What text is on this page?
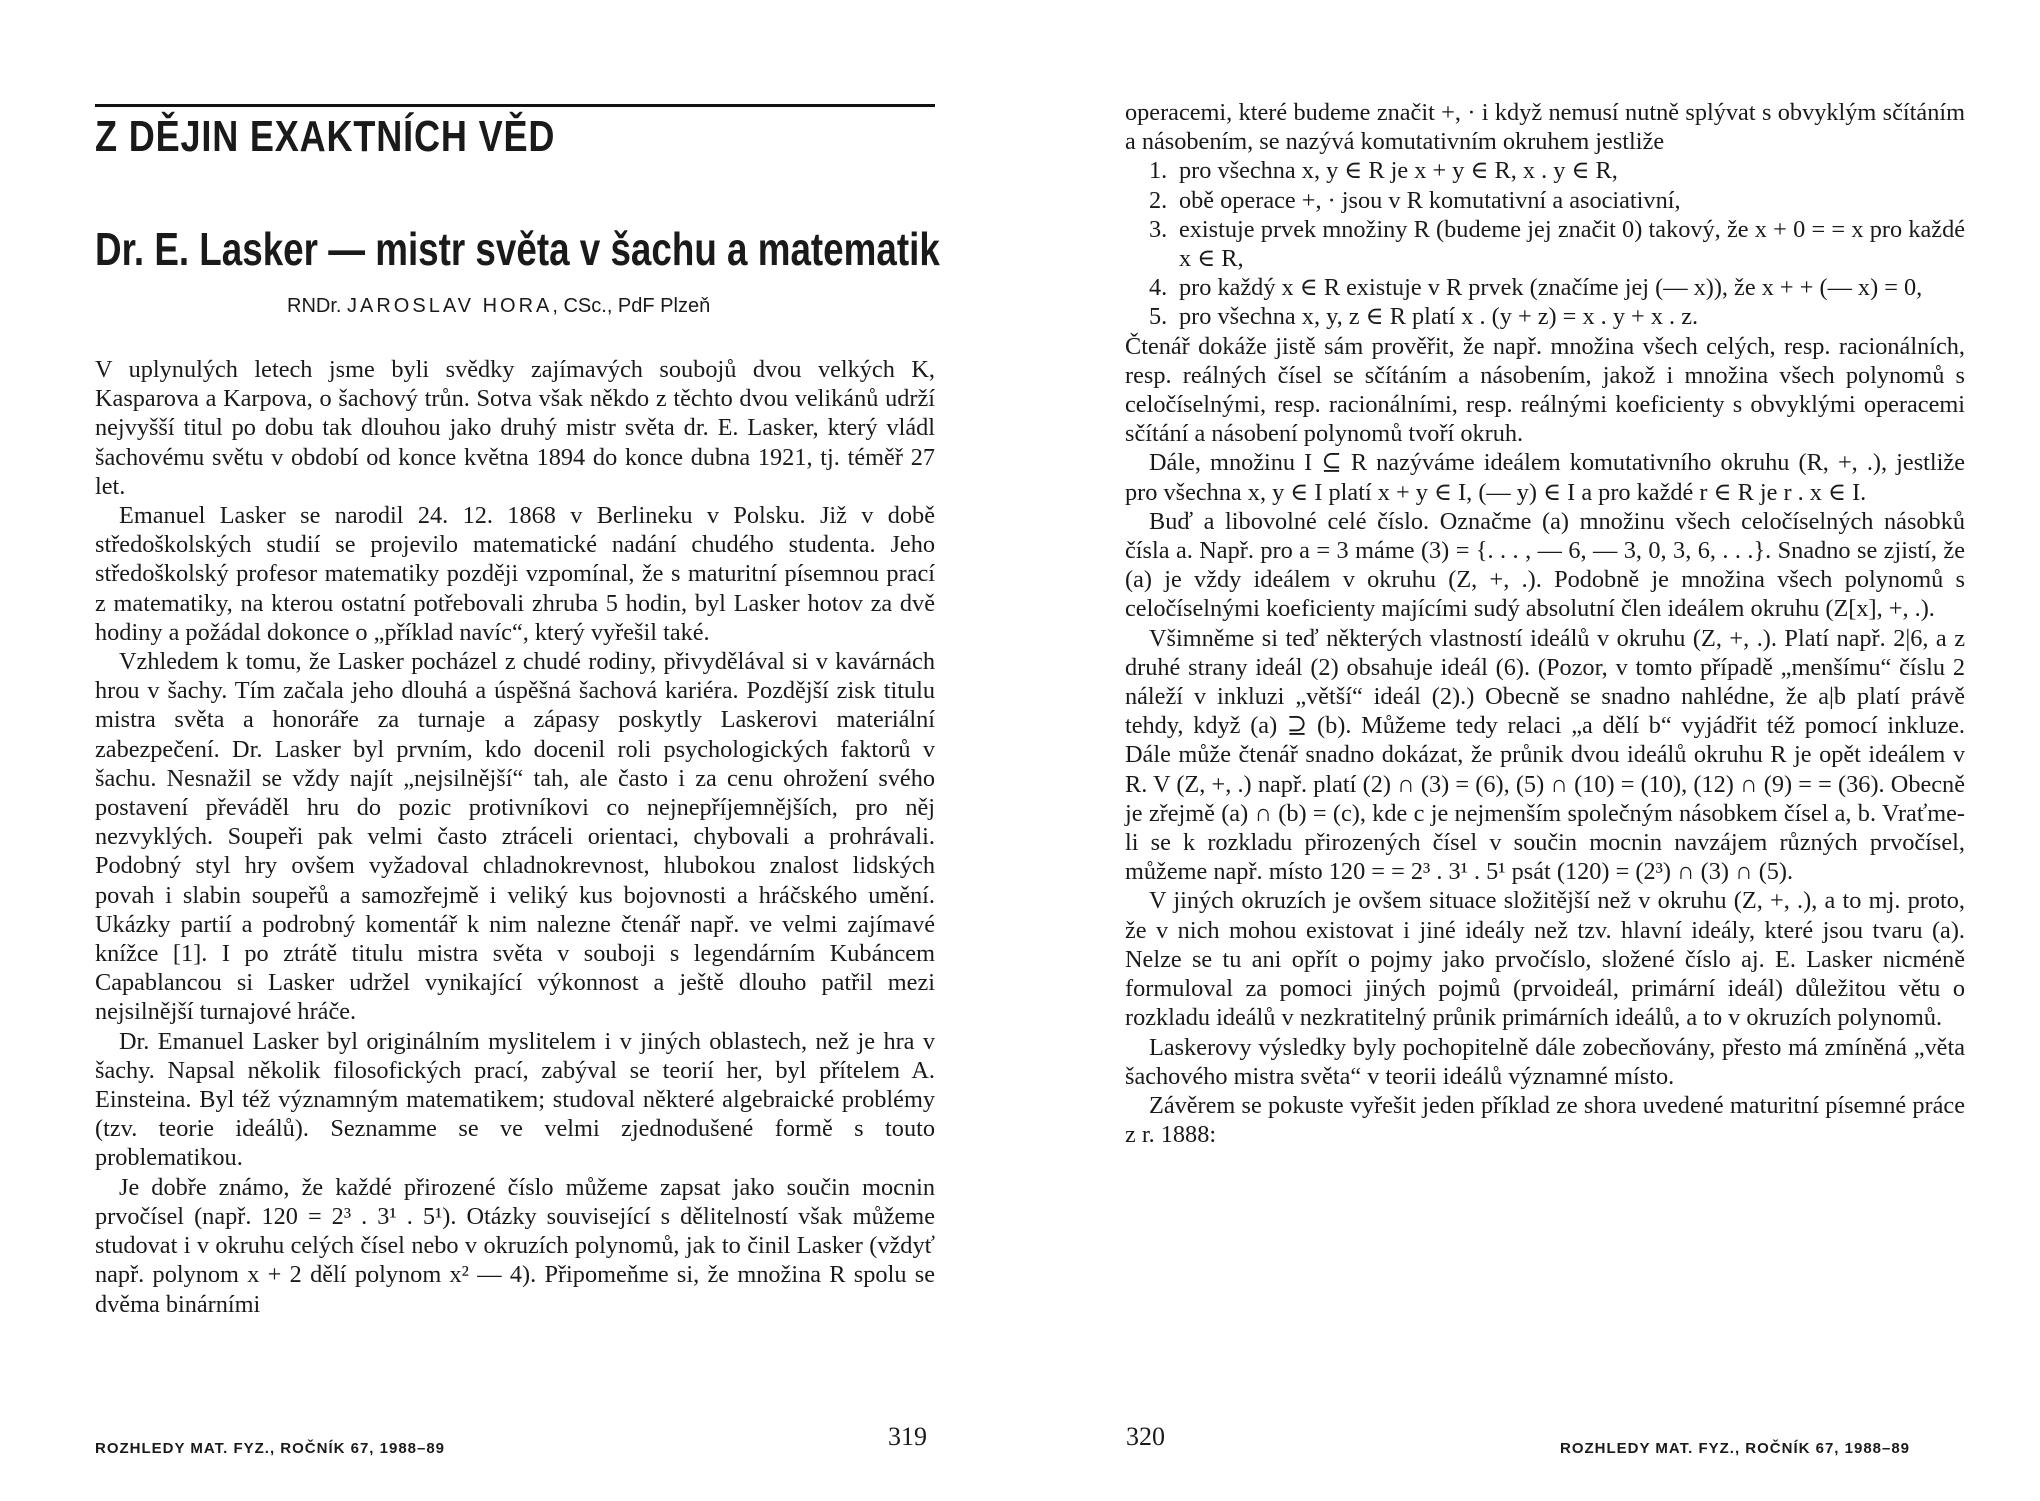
Z DĚJIN EXAKTNÍCH VĚD
Dr. E. Lasker — mistr světa v šachu a matematik
RNDr. JAROSLAV HORA, CSc., PdF Plzeň

V uplynulých letech jsme byli svědky zajímavých soubojů dvou velkých K, Kasparova a Karpova, o šachový trůn. Sotva však někdo z těchto dvou velikánů udrží nejvyšší titul po dobu tak dlouhou jako druhý mistr světa dr. E. Lasker, který vládl šachovému světu v období od konce května 1894 do konce dubna 1921, tj. téměř 27 let.

Emanuel Lasker se narodil 24. 12. 1868 v Berlineku v Polsku. Již v době středoškolských studií se projevilo matematické nadání chudého studenta. Jeho středoškolský profesor matematiky později vzpomínal, že s maturitní písemnou prací z matematiky, na kterou ostatní potřebovali zhruba 5 hodin, byl Lasker hotov za dvě hodiny a požádal dokonce o „příklad navíc“, který vyřešil také.

Vzhledem k tomu, že Lasker pocházel z chudé rodiny, přivydělával si v kavárnách hrou v šachy. Tím začala jeho dlouhá a úspěšná šachová kariéra. Pozdější zisk titulu mistra světa a honoráře za turnaje a zápasy poskytly Laskerovi materiální zabezpečení. Dr. Lasker byl prvním, kdo docenil roli psychologických faktorů v šachu. Nesnažil se vždy najít „nejsilnější“ tah, ale často i za cenu ohrožení svého postavení převáděl hru do pozic protivníkovi co nejnepříjemnějších, pro něj nezvyklých. Soupeři pak velmi často ztráceli orientaci, chybovali a prohrávali. Podobný styl hry ovšem vyžadoval chladnokrevnost, hlubokou znalost lidských povah i slabin soupeřů a samozřejmě i veliký kus bojovnosti a hráčského umění. Ukázky partií a podrobný komentář k nim nalezne čtenář např. ve velmi zajímavé knížce [1]. I po ztrátě titulu mistra světa v souboji s legendárním Kubáncem Capablancou si Lasker udržel vynikající výkonnost a ještě dlouho patřil mezi nejsilnější turnajové hráče.

Dr. Emanuel Lasker byl originálním myslitelem i v jiných oblastech, než je hra v šachy. Napsal několik filosofických prací, zabýval se teorií her, byl přítelem A. Einsteina. Byl též významným matematikem; studoval některé algebraické problémy (tzv. teorie ideálů). Seznamme se ve velmi zjednodušené formě s touto problematikou.

Je dobře známo, že každé přirozené číslo můžeme zapsat jako součin mocnin prvočísel (např. 120 = 2³ . 3¹ . 5¹). Otázky související s dělitelností však můžeme studovat i v okruhu celých čísel nebo v okruzích polynomů, jak to činil Lasker (vždyť např. polynom x + 2 dělí polynom x² — 4). Připomeňme si, že množina R spolu se dvěma binárními

ROZHLEDY MAT. FYZ., ROČNÍK 67, 1988–89	319

operacemi, které budeme značit +, · i když nemusí nutně splývat s obvyklým sčítáním a násobením, se nazývá komutativním okruhem jestliže

1. pro všechna x, y ∈ R je x + y ∈ R, x . y ∈ R,
2. obě operace +, · jsou v R komutativní a asociativní,
3. existuje prvek množiny R (budeme jej značit 0) takový, že x + 0 = = x pro každé x ∈ R,
4. pro každý x ∈ R existuje v R prvek (značíme jej (— x)), že x + + (— x) = 0,
5. pro všechna x, y, z ∈ R platí x . (y + z) = x . y + x . z.

Čtenář dokáže jistě sám prověřit, že např. množina všech celých, resp. racionálních, resp. reálných čísel se sčítáním a násobením, jakož i množina všech polynomů s celočíselnými, resp. racionálními, resp. reálnými koeficienty s obvyklými operacemi sčítání a násobení polynomů tvoří okruh.

Dále, množinu I ⊆ R nazýváme ideálem komutativního okruhu (R, +, .), jestliže pro všechna x, y ∈ I platí x + y ∈ I, (— y) ∈ I a pro každé r ∈ R je r . x ∈ I.

Buď a libovolné celé číslo. Označme (a) množinu všech celočíselných násobků čísla a. Např. pro a = 3 máme (3) = {. . . , — 6, — 3, 0, 3, 6, . . .}. Snadno se zjistí, že (a) je vždy ideálem v okruhu (Z, +, .). Podobně je množina všech polynomů s celočíselnými koeficienty majícími sudý absolutní člen ideálem okruhu (Z[x], +, .).

Všimněme si teď některých vlastností ideálů v okruhu (Z, +, .). Platí např. 2|6, a z druhé strany ideál (2) obsahuje ideál (6). (Pozor, v tomto případě „menšímu“ číslu 2 náleží v inkluzi „větší“ ideál (2).) Obecně se snadno nahlédne, že a|b platí právě tehdy, když (a) ⊇ (b). Můžeme tedy relaci „a dělí b“ vyjádřit též pomocí inkluze. Dále může čtenář snadno dokázat, že průnik dvou ideálů okruhu R je opět ideálem v R. V (Z, +, .) např. platí (2) ∩ (3) = (6), (5) ∩ (10) = (10), (12) ∩ (9) = = (36). Obecně je zřejmě (a) ∩ (b) = (c), kde c je nejmenším společným násobkem čísel a, b. Vraťme-li se k rozkladu přirozených čísel v součin mocnin navzájem různých prvočísel, můžeme např. místo 120 = = 2³ . 3¹ . 5¹ psát (120) = (2³) ∩ (3) ∩ (5).

V jiných okruzích je ovšem situace složitější než v okruhu (Z, +, .), a to mj. proto, že v nich mohou existovat i jiné ideály než tzv. hlavní ideály, které jsou tvaru (a). Nelze se tu ani opřít o pojmy jako prvočíslo, složené číslo aj. E. Lasker nicméně formuloval za pomoci jiných pojmů (prvoideál, primární ideál) důležitou větu o rozkladu ideálů v nezkratitelný průnik primárních ideálů, a to v okruzích polynomů.

Laskerovy výsledky byly pochopitelně dále zobecňovány, přesto má zmíněná „věta šachového mistra světa“ v teorii ideálů významné místo.

Závěrem se pokuste vyřešit jeden příklad ze shora uvedené maturitní písemné práce z r. 1888:

320	ROZHLEDY MAT. FYZ., ROČNÍK 67, 1988–89
